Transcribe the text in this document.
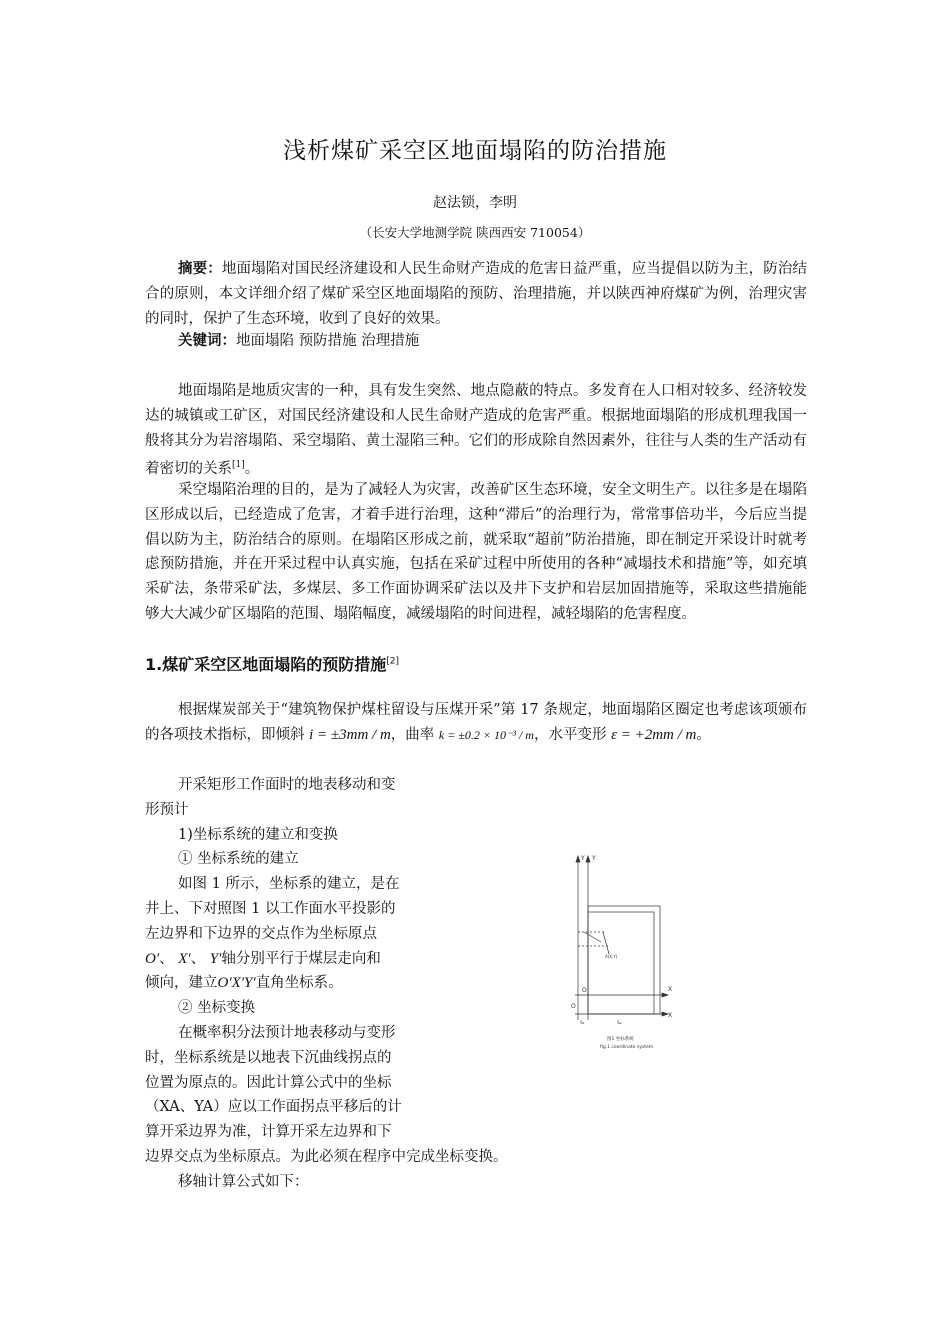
浅析煤矿采空区地面塌陷的防治措施
赵法锁，李明
（长安大学地测学院 陕西西安 710054）
摘要：地面塌陷对国民经济建设和人民生命财产造成的危害日益严重，应当提倡以防为主，防治结合的原则，本文详细介绍了煤矿采空区地面塌陷的预防、治理措施，并以陕西神府煤矿为例，治理灾害的同时，保护了生态环境，收到了良好的效果。
关键词：地面塌陷 预防措施 治理措施
地面塌陷是地质灾害的一种，具有发生突然、地点隐蔽的特点。多发育在人口相对较多、经济较发达的城镇或工矿区，对国民经济建设和人民生命财产造成的危害严重。根据地面塌陷的形成机理我国一般将其分为岩溶塌陷、采空塌陷、黄土湿陷三种。它们的形成除自然因素外，往往与人类的生产活动有着密切的关系[1]。
采空塌陷治理的目的，是为了减轻人为灾害，改善矿区生态环境，安全文明生产。以往多是在塌陷区形成以后，已经造成了危害，才着手进行治理，这种“滞后”的治理行为，常常事倍功半，今后应当提倡以防为主，防治结合的原则。在塌陷区形成之前，就采取“超前”防治措施，即在制定开采设计时就考虑预防措施，并在开采过程中认真实施，包括在采矿过程中所使用的各种“减塌技术和措施”等，如充填采矿法，条带采矿法，多煤层、多工作面协调采矿法以及井下支护和岩层加固措施等，采取这些措施能够大大减少矿区塌陷的范围、塌陷幅度，减缓塌陷的时间进程，减轻塌陷的危害程度。
1.煤矿采空区地面塌陷的预防措施[2]
根据煤炭部关于“建筑物保护煤柱留设与压煤开采”第 17 条规定，地面塌陷区圈定也考虑该项颁布的各项技术指标，即倾斜 i = ±3mm / m，曲率 k = ±0.2 × 10⁻³ / m，水平变形 ε = +2mm / m。
开采矩形工作面时的地表移动和变
形预计
1)坐标系统的建立和变换
① 坐标系统的建立
如图 1 所示，坐标系的建立，是在
井上、下对照图 1 以工作面水平投影的
左边界和下边界的交点作为坐标原点
O′、 X′、 Y′轴分别平行于煤层走向和
倾向，建立O′X′Y′直角坐标系。
② 坐标变换
在概率积分法预计地表移动与变形
时，坐标系统是以地表下沉曲线拐点的
位置为原点的。因此计算公式中的坐标
（XA、YA）应以工作面拐点平移后的计
算开采边界为准，计算开采左边界和下
边界交点为坐标原点。为此必须在程序中完成坐标变换。
移轴计算公式如下：
Y Y
X
X
O
O
S₁	S₂
A(X,Y)
图1 坐标系统
fig.1 coordinate system
